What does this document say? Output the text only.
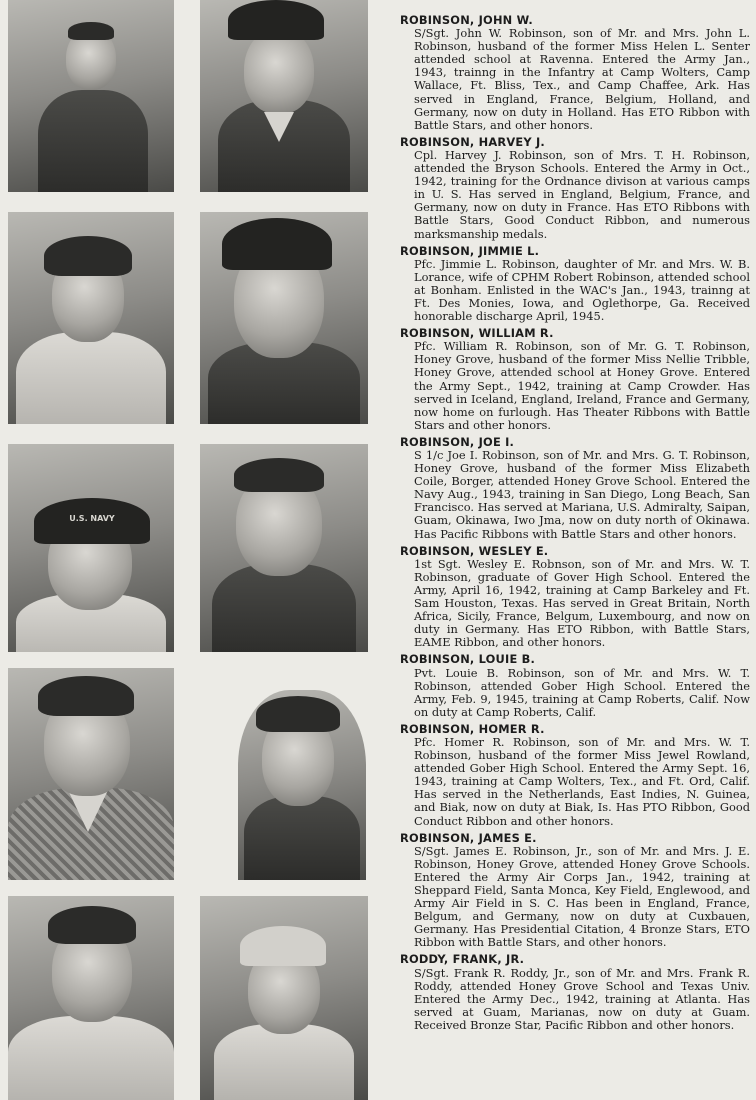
U.S. NAVY
ROBINSON, JOHN W.
S/Sgt. John W. Robinson, son of Mr. and Mrs. John L. Robinson, husband of the former Miss Helen L. Senter attended school at Ravenna. Entered the Army Jan., 1943, trainng in the Infantry at Camp Wolters, Camp Wallace, Ft. Bliss, Tex., and Camp Chaffee, Ark. Has served in England, France, Belgium, Holland, and Germany, now on duty in Holland. Has ETO Ribbon with Battle Stars, and other honors.
ROBINSON, HARVEY J.
Cpl. Harvey J. Robinson, son of Mrs. T. H. Robinson, attended the Bryson Schools. Entered the Army in Oct., 1942, training for the Ordnance divison at various camps in U. S. Has served in England, Belgium, France, and Germany, now on duty in France. Has ETO Ribbons with Battle Stars, Good Conduct Ribbon, and numerous marksmanship medals.
ROBINSON, JIMMIE L.
Pfc. Jimmie L. Robinson, daughter of Mr. and Mrs. W. B. Lorance, wife of CPHM Robert Robinson, attended school at Bonham. Enlisted in the WAC's Jan., 1943, trainng at Ft. Des Monies, Iowa, and Oglethorpe, Ga. Received honorable discharge April, 1945.
ROBINSON, WILLIAM R.
Pfc. William R. Robinson, son of Mr. G. T. Robinson, Honey Grove, husband of the former Miss Nellie Tribble, Honey Grove, attended school at Honey Grove. Entered the Army Sept., 1942, training at Camp Crowder. Has served in Iceland, England, Ireland, France and Germany, now home on furlough. Has Theater Ribbons with Battle Stars and other honors.
ROBINSON, JOE I.
S 1/c Joe I. Robinson, son of Mr. and Mrs. G. T. Robinson, Honey Grove, husband of the former Miss Elizabeth Coile, Borger, attended Honey Grove School. Entered the Navy Aug., 1943, training in San Diego, Long Beach, San Francisco. Has served at Mariana, U.S. Admiralty, Saipan, Guam, Okinawa, Iwo Jma, now on duty north of Okinawa. Has Pacific Ribbons with Battle Stars and other honors.
ROBINSON, WESLEY E.
1st Sgt. Wesley E. Robnson, son of Mr. and Mrs. W. T. Robinson, graduate of Gover High School. Entered the Army, April 16, 1942, training at Camp Barkeley and Ft. Sam Houston, Texas. Has served in Great Britain, North Africa, Sicily, France, Belgum, Luxembourg, and now on duty in Germany. Has ETO Ribbon, with Battle Stars, EAME Ribbon, and other honors.
ROBINSON, LOUIE B.
Pvt. Louie B. Robinson, son of Mr. and Mrs. W. T. Robinson, attended Gober High School. Entered the Army, Feb. 9, 1945, training at Camp Roberts, Calif. Now on duty at Camp Roberts, Calif.
ROBINSON, HOMER R.
Pfc. Homer R. Robinson, son of Mr. and Mrs. W. T. Robinson, husband of the former Miss Jewel Rowland, attended Gober High School. Entered the Army Sept. 16, 1943, training at Camp Wolters, Tex., and Ft. Ord, Calif. Has served in the Netherlands, East Indies, N. Guinea, and Biak, now on duty at Biak, Is. Has PTO Ribbon, Good Conduct Ribbon and other honors.
ROBINSON, JAMES E.
S/Sgt. James E. Robinson, Jr., son of Mr. and Mrs. J. E. Robinson, Honey Grove, attended Honey Grove Schools. Entered the Army Air Corps Jan., 1942, training at Sheppard Field, Santa Monca, Key Field, Englewood, and Army Air Field in S. C. Has been in England, France, Belgum, and Germany, now on duty at Cuxbauen, Germany. Has Presidential Citation, 4 Bronze Stars, ETO Ribbon with Battle Stars, and other honors.
RODDY, FRANK, JR.
S/Sgt. Frank R. Roddy, Jr., son of Mr. and Mrs. Frank R. Roddy, attended Honey Grove School and Texas Univ. Entered the Army Dec., 1942, training at Atlanta. Has served at Guam, Marianas, now on duty at Guam. Received Bronze Star, Pacific Ribbon and other honors.
